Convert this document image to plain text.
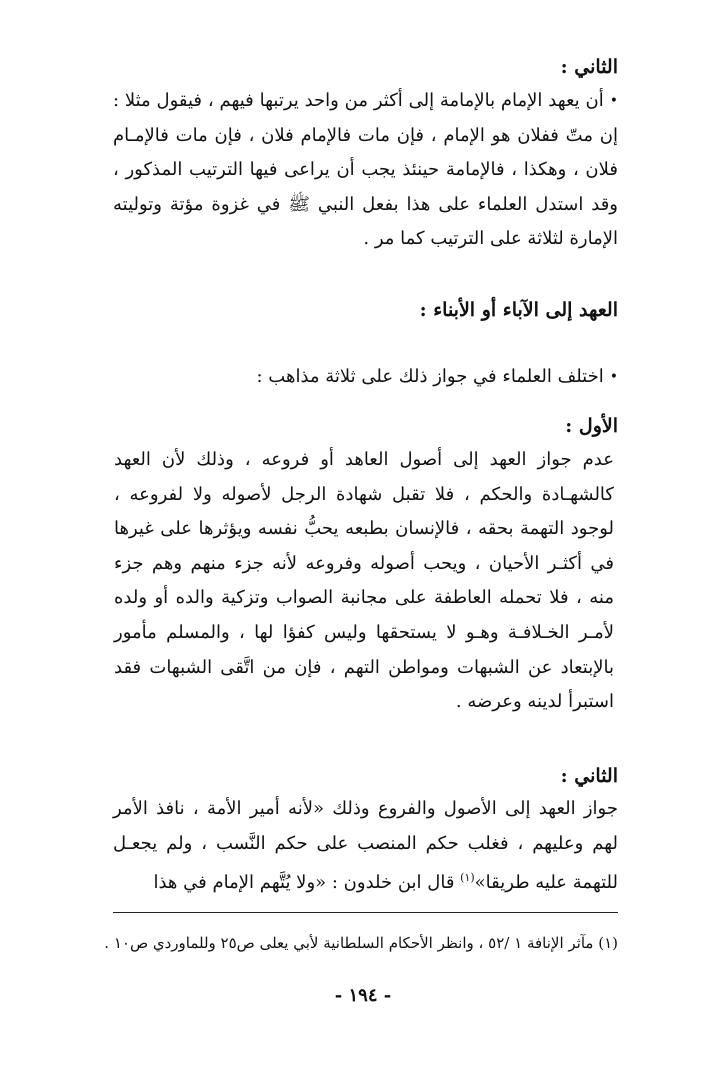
الثاني :

•أن يعهد الإمام بالإمامة إلى أكثر من واحد يرتبها فيهم ، فيقول مثلا : إن متّ ففلان هو الإمام ، فإن مات فالإمام فلان ، فإن مات فالإمـام فلان ، وهكذا ، فالإمامة حينئذ يجب أن يراعى فيها الترتيب المذكور ، وقد استدل العلماء على هذا بفعل النبي ﷺ في غزوة مؤتة وتوليته الإمارة لثلاثة على الترتيب كما مر .

العهد إلى الآباء أو الأبناء :

•اختلف العلماء في جواز ذلك على ثلاثة مذاهب :

الأول :

عدم جواز العهد إلى أصول العاهد أو فروعه ، وذلك لأن العهد كالشهـادة والحكم ، فلا تقبل شهادة الرجل لأصوله ولا لفروعه ، لوجود التهمة بحقه ، فالإنسان بطبعه يحبُّ نفسه ويؤثرها على غيرها في أكثـر الأحيان ، ويحب أصوله وفروعه لأنه جزء منهم وهم جزء منه ، فلا تحمله العاطفة على مجانبة الصواب وتزكية والده أو ولده لأمـر الخـلافـة وهـو لا يستحقها وليس كفؤا لها ، والمسلم مأمور بالإبتعاد عن الشبهات ومواطن التهم ، فإن من اتَّقى الشبهات فقد استبرأ لدينه وعرضه .

الثاني :

جواز العهد إلى الأصول والفروع وذلك «لأنه أمير الأمة ، نافذ الأمر لهم وعليهم ، فغلب حكم المنصب على حكم النَّسب ، ولم يجعـل للتهمة عليه طريقا»$^{(١)}$ قال ابن خلدون : «ولا يُتَّهم الإمام في هذا

(١) مآثر الإنافة ١ /٥٢ ، وانظر الأحكام السلطانية لأبي يعلى ص٢٥ وللماوردي ص١٠ .
- ١٩٤ -
